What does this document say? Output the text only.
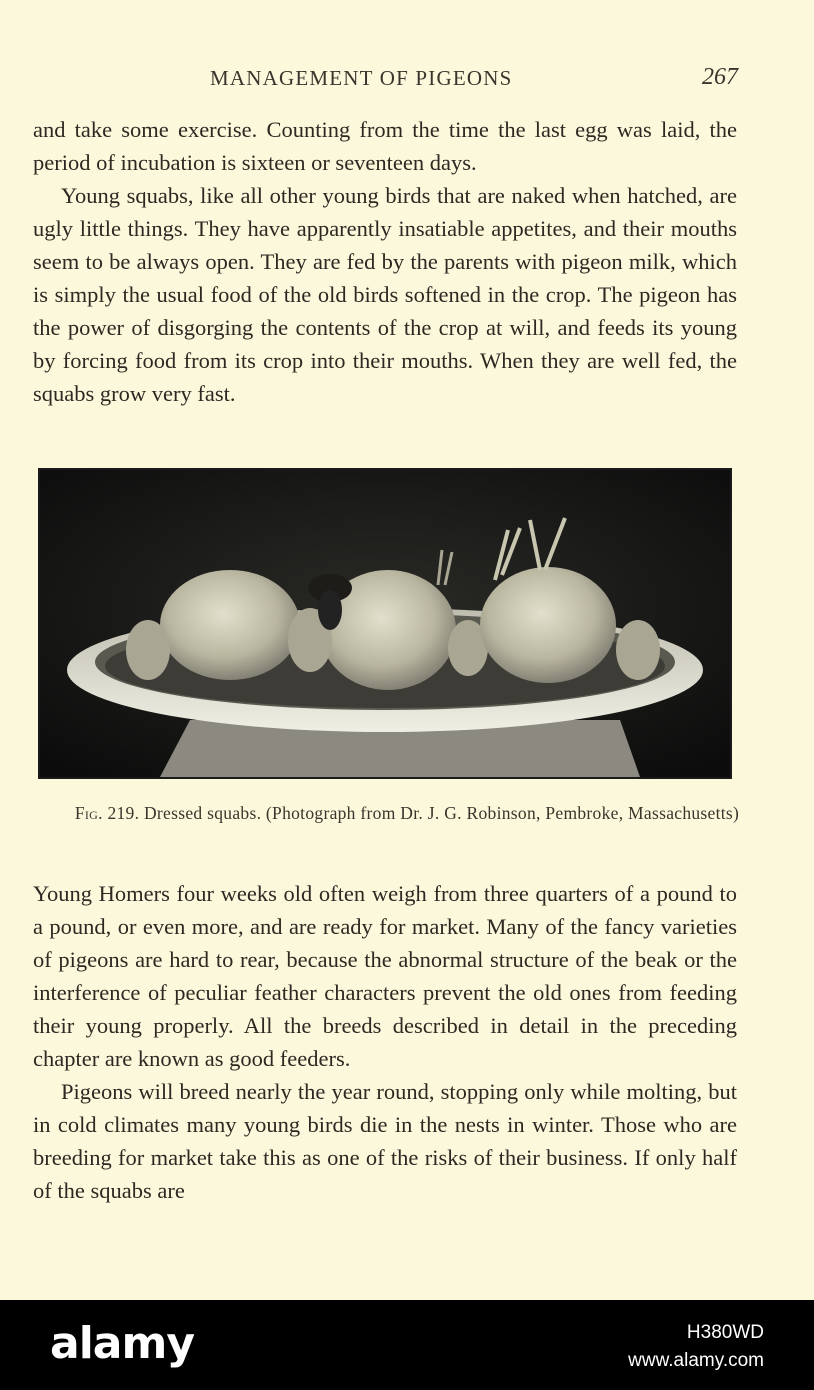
MANAGEMENT OF PIGEONS	267

and take some exercise. Counting from the time the last egg was laid, the period of incubation is sixteen or seventeen days.

Young squabs, like all other young birds that are naked when hatched, are ugly little things. They have apparently insatiable appetites, and their mouths seem to be always open. They are fed by the parents with pigeon milk, which is simply the usual food of the old birds softened in the crop. The pigeon has the power of disgorging the contents of the crop at will, and feeds its young by forcing food from its crop into their mouths. When they are well fed, the squabs grow very fast.

Fig. 219. Dressed squabs. (Photograph from Dr. J. G. Robinson, Pembroke, Massachusetts)

Young Homers four weeks old often weigh from three quarters of a pound to a pound, or even more, and are ready for market. Many of the fancy varieties of pigeons are hard to rear, because the abnormal structure of the beak or the interference of peculiar feather characters prevent the old ones from feeding their young properly. All the breeds described in detail in the preceding chapter are known as good feeders.

Pigeons will breed nearly the year round, stopping only while molting, but in cold climates many young birds die in the nests in winter. Those who are breeding for market take this as one of the risks of their business. If only half of the squabs are

alamy	H380WD
www.alamy.com
